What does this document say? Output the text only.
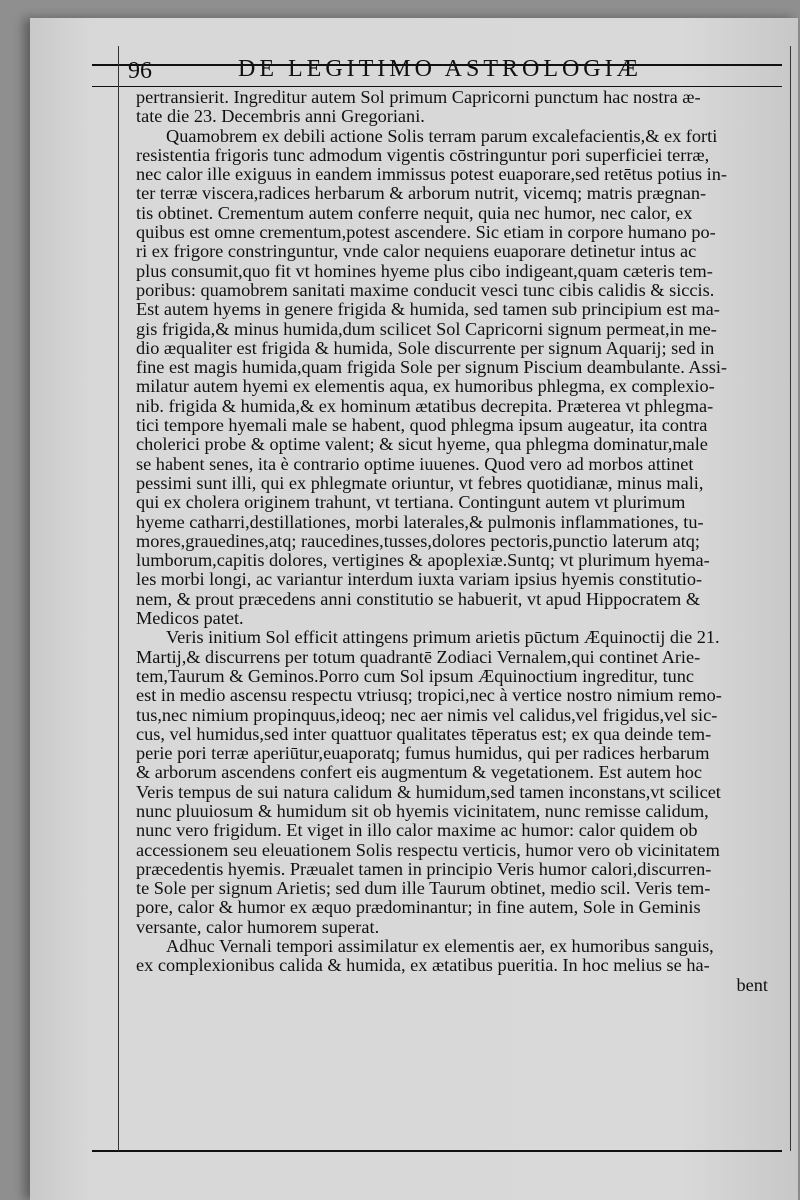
96	DE LEGITIMO ASTROLOGIÆ
pertransierit. Ingreditur autem Sol primum Capricorni punctum hac nostra æ-
tate die 23. Decembris anni Gregoriani.
Quamobrem ex debili actione Solis terram parum excalefacientis,& ex forti
resistentia frigoris tunc admodum vigentis cōstringuntur pori superficiei terræ,
nec calor ille exiguus in eandem immissus potest euaporare,sed retētus potius in-
ter terræ viscera,radices herbarum & arborum nutrit, vicemq; matris prægnan-
tis obtinet. Crementum autem conferre nequit, quia nec humor, nec calor, ex
quibus est omne crementum,potest ascendere. Sic etiam in corpore humano po-
ri ex frigore constringuntur, vnde calor nequiens euaporare detinetur intus ac
plus consumit,quo fit vt homines hyeme plus cibo indigeant,quam cæteris tem-
poribus: quamobrem sanitati maxime conducit vesci tunc cibis calidis & siccis.
Est autem hyems in genere frigida & humida, sed tamen sub principium est ma-
gis frigida,& minus humida,dum scilicet Sol Capricorni signum permeat,in me-
dio æqualiter est frigida & humida, Sole discurrente per signum Aquarij; sed in
fine est magis humida,quam frigida Sole per signum Piscium deambulante. Assi-
milatur autem hyemi ex elementis aqua, ex humoribus phlegma, ex complexio-
nib. frigida & humida,& ex hominum ætatibus decrepita. Præterea vt phlegma-
tici tempore hyemali male se habent, quod phlegma ipsum augeatur, ita contra
cholerici probe & optime valent; & sicut hyeme, qua phlegma dominatur,male
se habent senes, ita è contrario optime iuuenes. Quod vero ad morbos attinet
pessimi sunt illi, qui ex phlegmate oriuntur, vt febres quotidianæ, minus mali,
qui ex cholera originem trahunt, vt tertiana. Contingunt autem vt plurimum
hyeme catharri,destillationes, morbi laterales,& pulmonis inflammationes, tu-
mores,grauedines,atq; raucedines,tusses,dolores pectoris,punctio laterum atq;
lumborum,capitis dolores, vertigines & apoplexiæ.Suntq; vt plurimum hyema-
les morbi longi, ac variantur interdum iuxta variam ipsius hyemis constitutio-
nem, & prout præcedens anni constitutio se habuerit, vt apud Hippocratem &
Medicos patet.
Veris initium Sol efficit attingens primum arietis pūctum Æquinoctij die 21.
Martij,& discurrens per totum quadrantē Zodiaci Vernalem,qui continet Arie-
tem,Taurum & Geminos.Porro cum Sol ipsum Æquinoctium ingreditur, tunc
est in medio ascensu respectu vtriusq; tropici,nec à vertice nostro nimium remo-
tus,nec nimium propinquus,ideoq; nec aer nimis vel calidus,vel frigidus,vel sic-
cus, vel humidus,sed inter quattuor qualitates tēperatus est; ex qua deinde tem-
perie pori terræ aperiūtur,euaporatq; fumus humidus, qui per radices herbarum
& arborum ascendens confert eis augmentum & vegetationem. Est autem hoc
Veris tempus de sui natura calidum & humidum,sed tamen inconstans,vt scilicet
nunc pluuiosum & humidum sit ob hyemis vicinitatem, nunc remisse calidum,
nunc vero frigidum. Et viget in illo calor maxime ac humor: calor quidem ob
accessionem seu eleuationem Solis respectu verticis, humor vero ob vicinitatem
præcedentis hyemis. Præualet tamen in principio Veris humor calori,discurren-
te Sole per signum Arietis; sed dum ille Taurum obtinet, medio scil. Veris tem-
pore, calor & humor ex æquo prædominantur; in fine autem, Sole in Geminis
versante, calor humorem superat.
Adhuc Vernali tempori assimilatur ex elementis aer, ex humoribus sanguis,
ex complexionibus calida & humida, ex ætatibus pueritia. In hoc melius se ha-
bent
